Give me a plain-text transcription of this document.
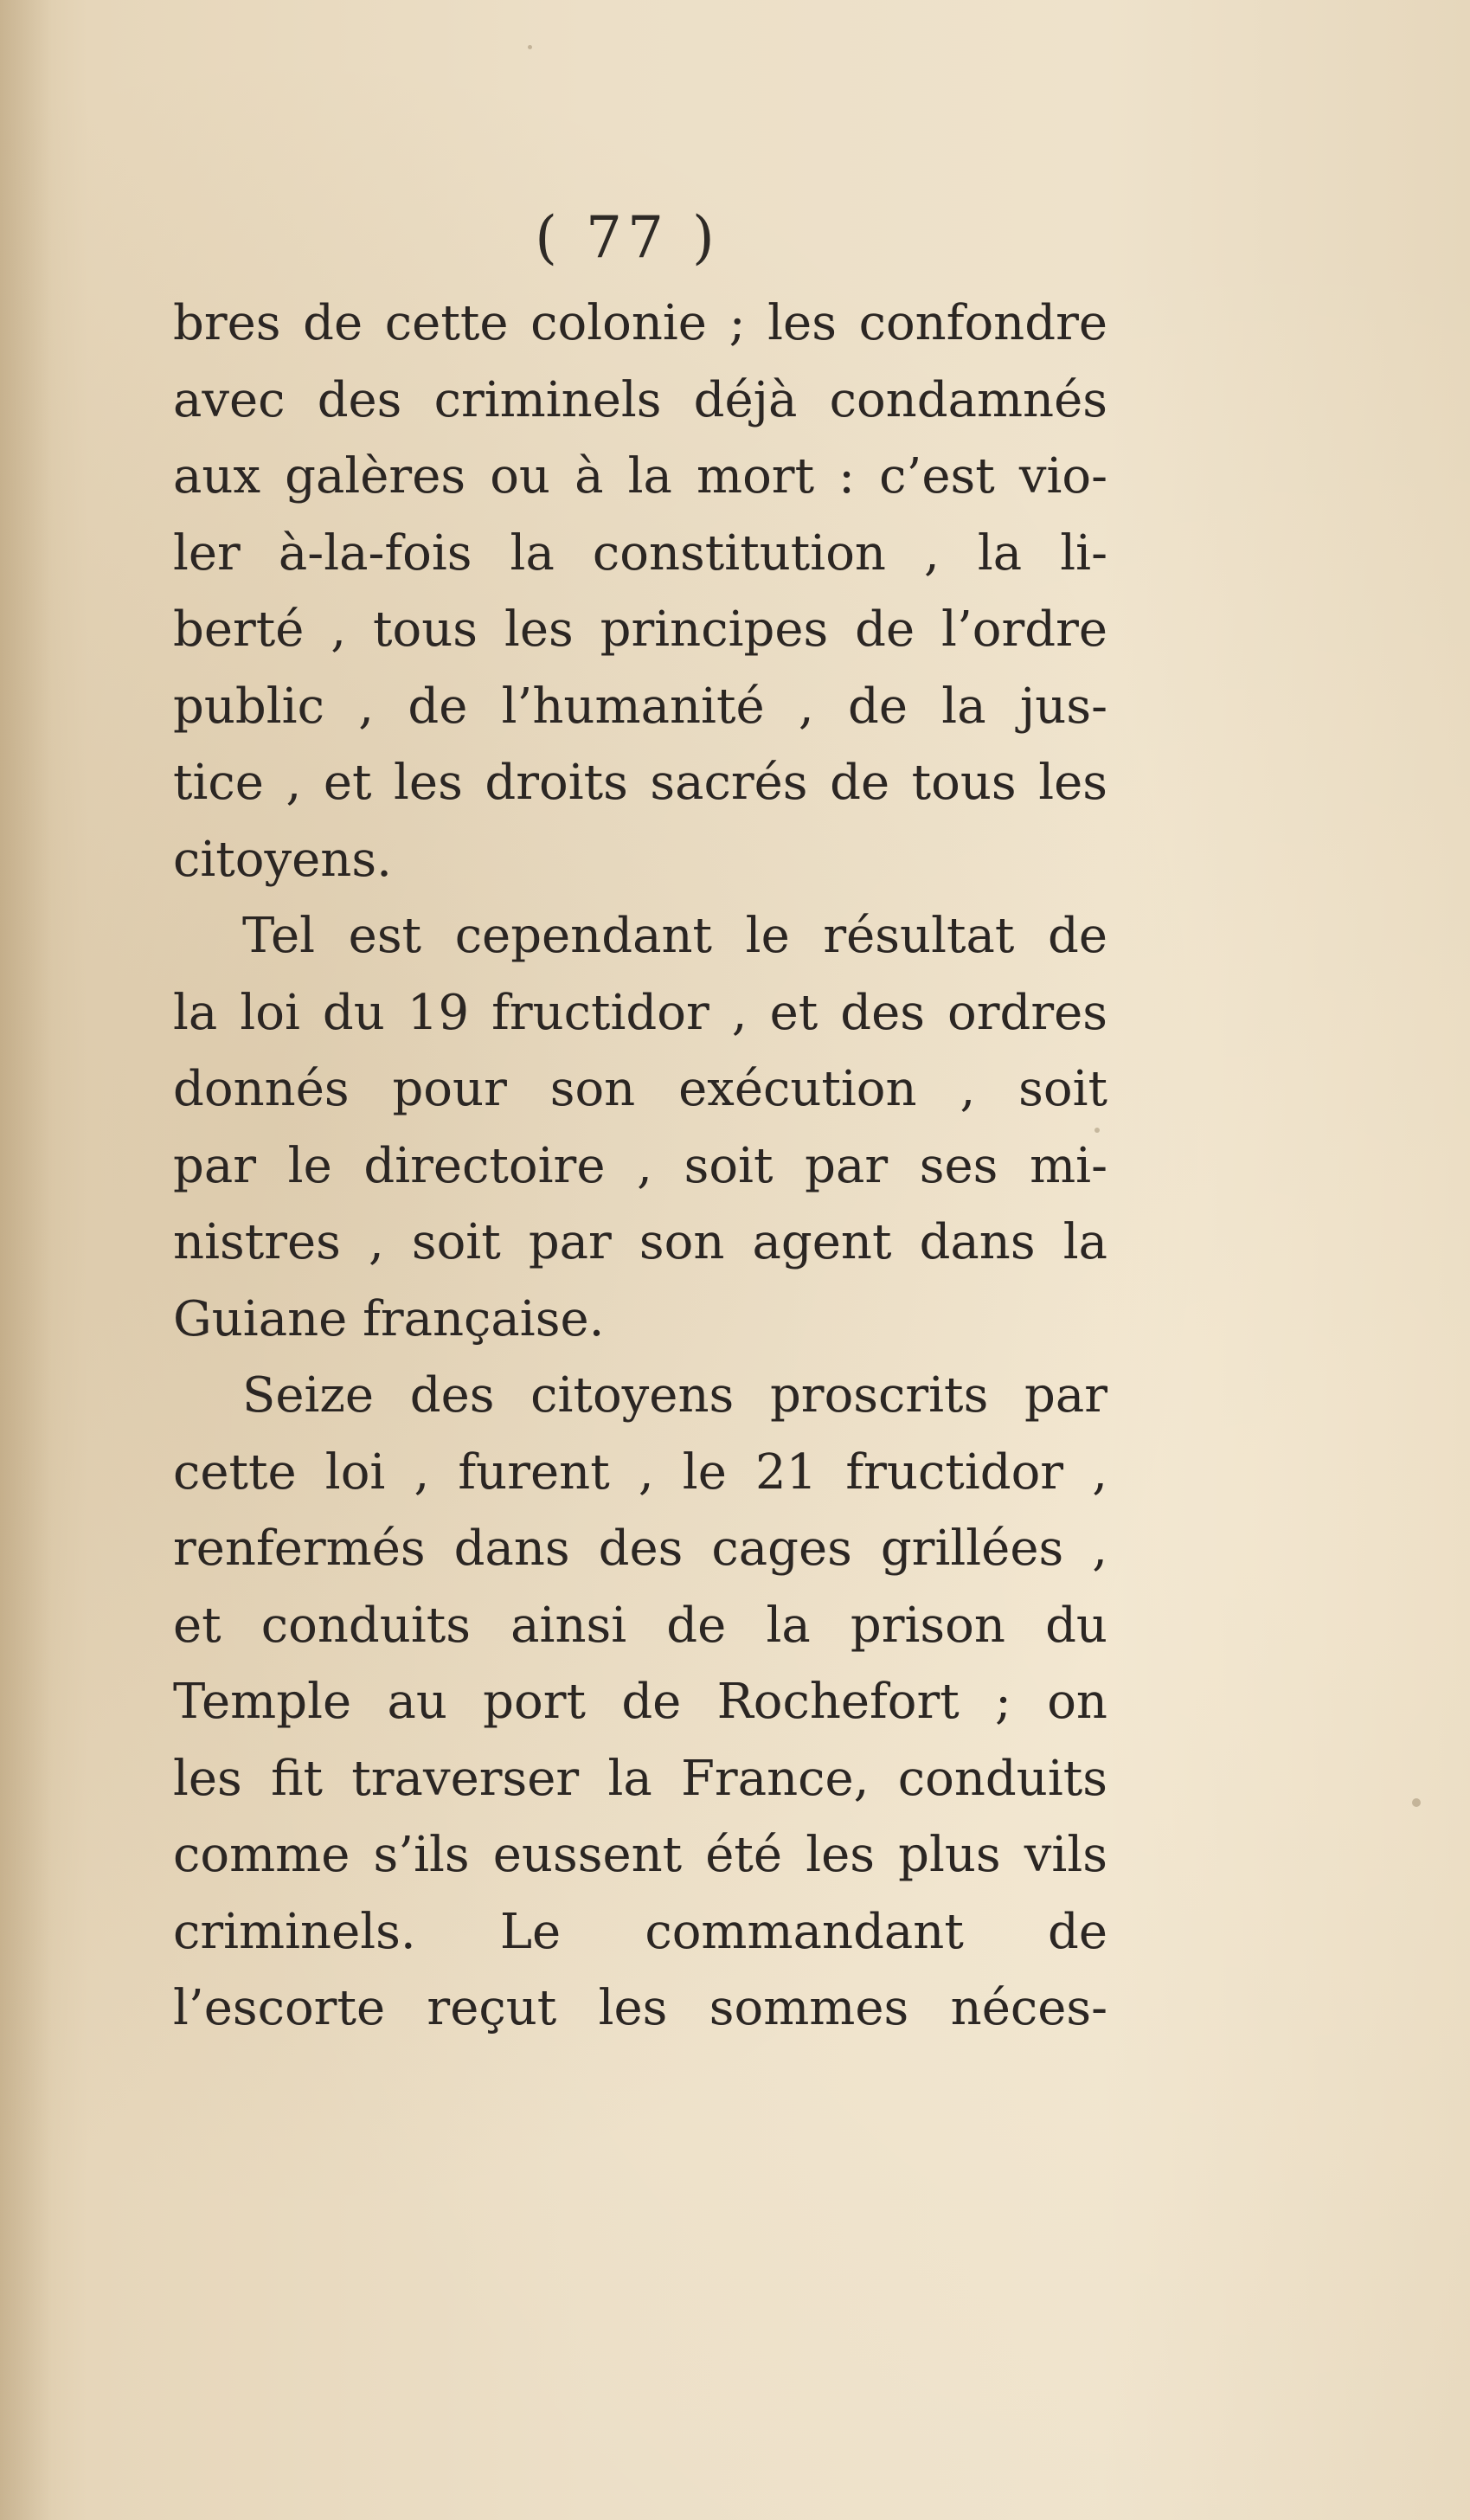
( 77 )
bres de cette colonie ; les confondre
avec des criminels déjà condamnés
aux galères ou à la mort : c’est vio-
ler à-la-fois la constitution , la li-
berté , tous les principes de l’ordre
public , de l’humanité , de la jus-
tice , et les droits sacrés de tous les
citoyens.
Tel est cependant le résultat de
la loi du 19 fructidor , et des ordres
donnés pour son exécution , soit
par le directoire , soit par ses mi-
nistres , soit par son agent dans la
Guiane française.
Seize des citoyens proscrits par
cette loi , furent , le 21 fructidor ,
renfermés dans des cages grillées ,
et conduits ainsi de la prison du
Temple au port de Rochefort ; on
les fit traverser la France, conduits
comme s’ils eussent été les plus vils
criminels. Le commandant de
l’escorte reçut les sommes néces-
